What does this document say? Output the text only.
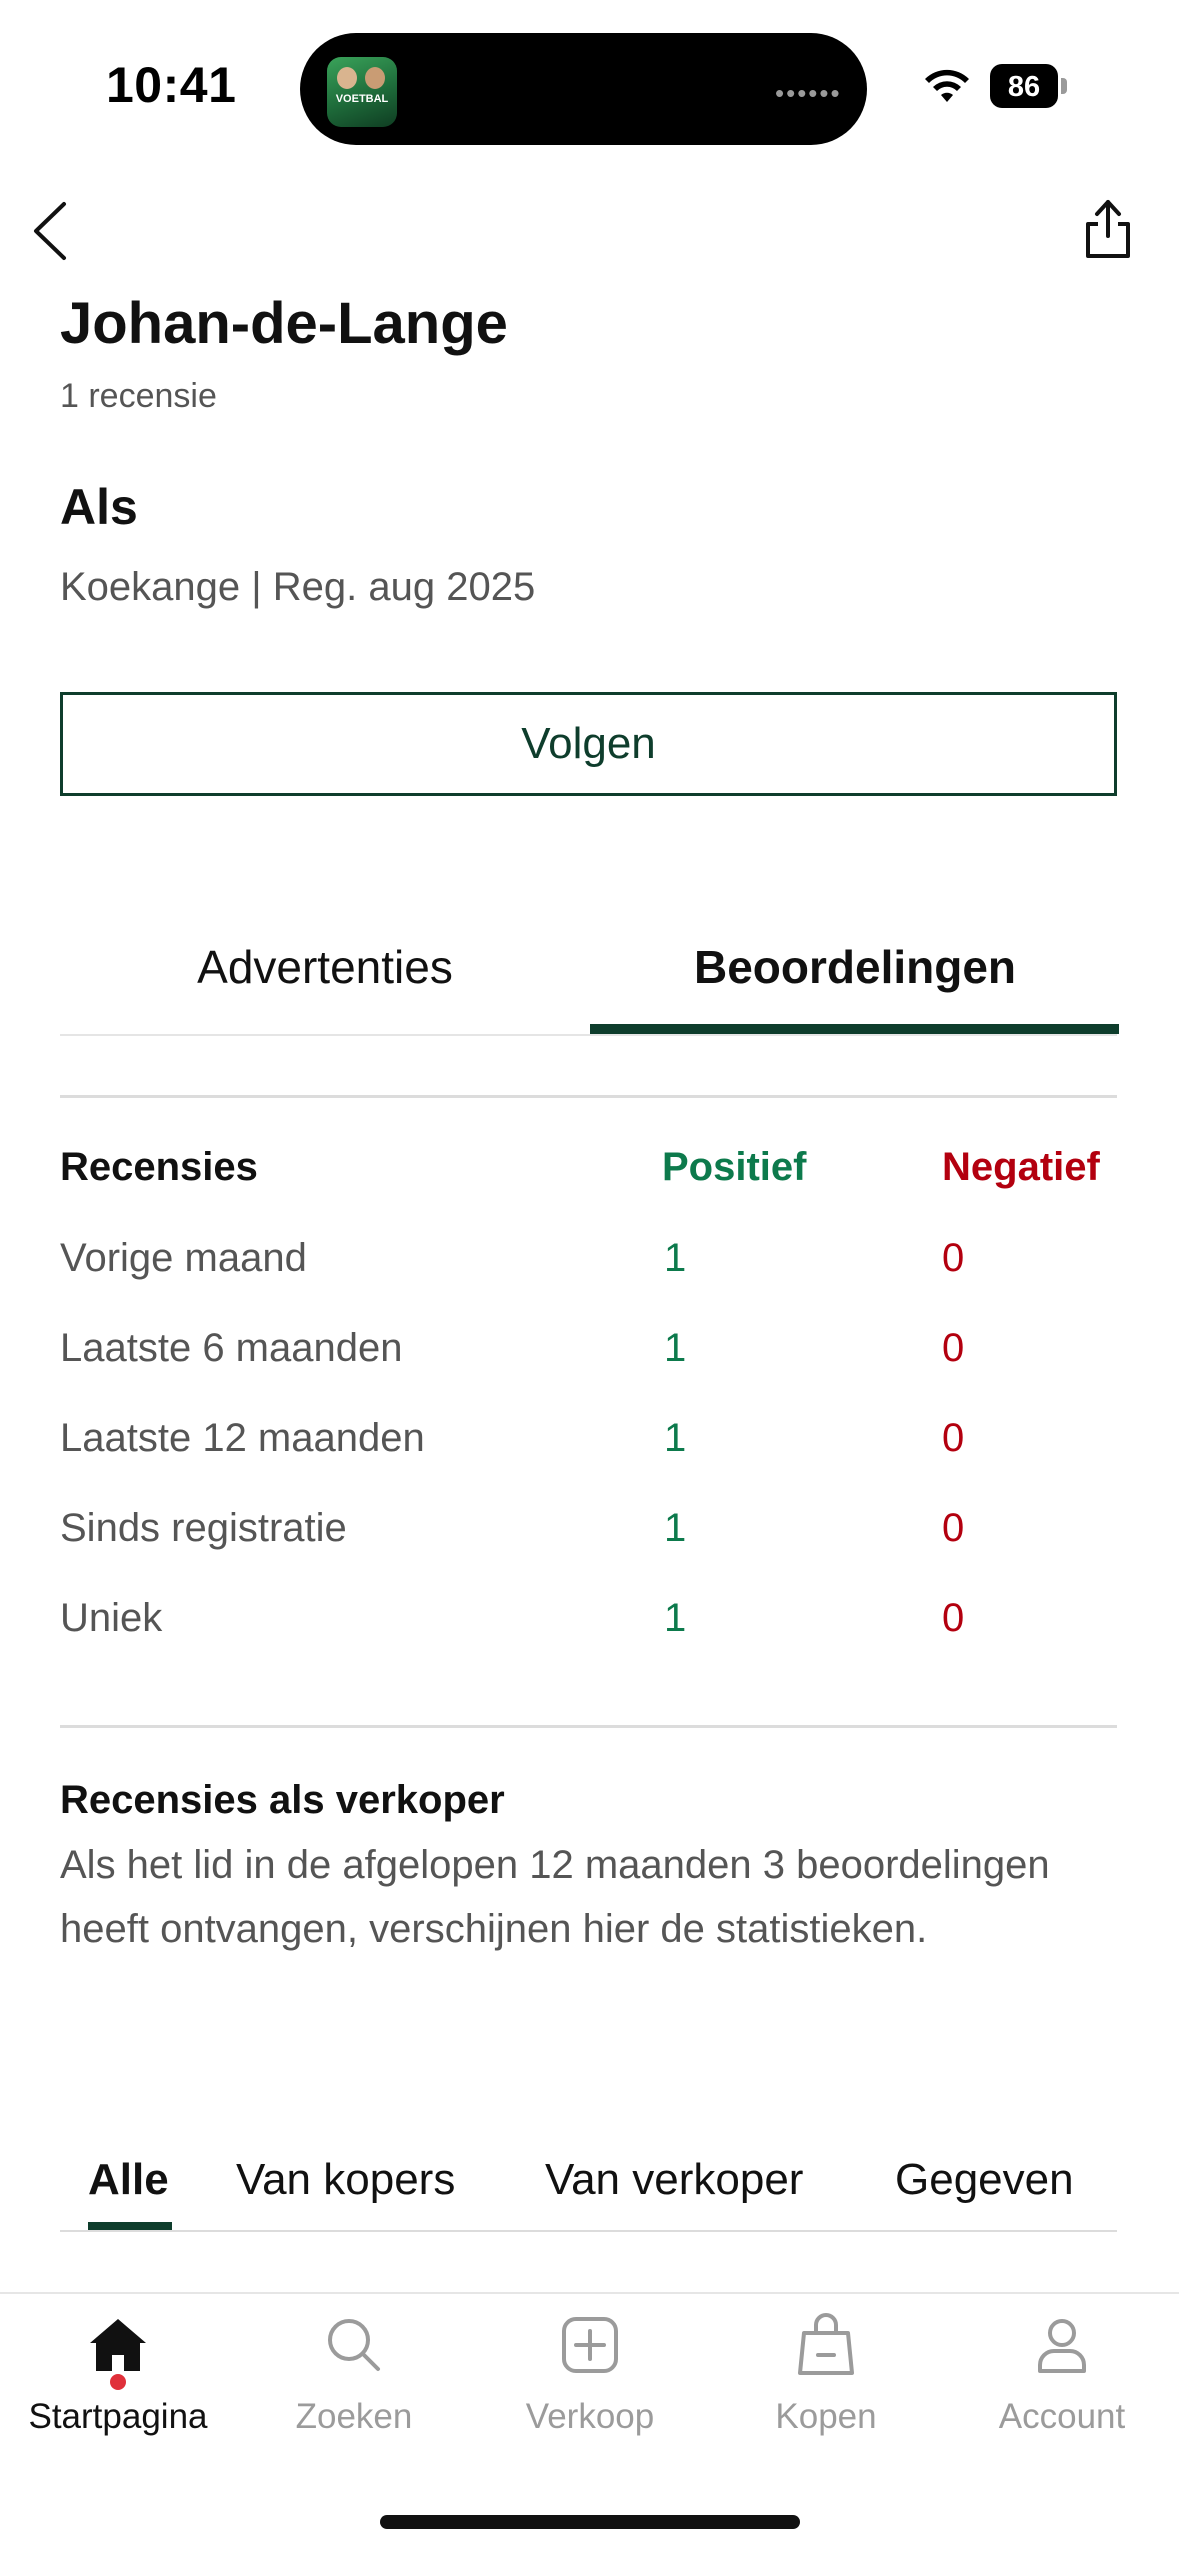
10:41	VOETBAL	••••••	86
Johan-de-Lange
1 recensie
Als
Koekange | Reg. aug 2025
Volgen
Advertenties	Beoordelingen
Recensies	Positief	Negatief
Vorige maand	1	0
Laatste 6 maanden	1	0
Laatste 12 maanden	1	0
Sinds registratie	1	0
Uniek	1	0
Recensies als verkoper
Als het lid in de afgelopen 12 maanden 3 beoordelingen heeft ontvangen, verschijnen hier de statistieken.
Alle Van kopers Van verkoper Gegeven
Startpagina	Zoeken	Verkoop	Kopen	Account
